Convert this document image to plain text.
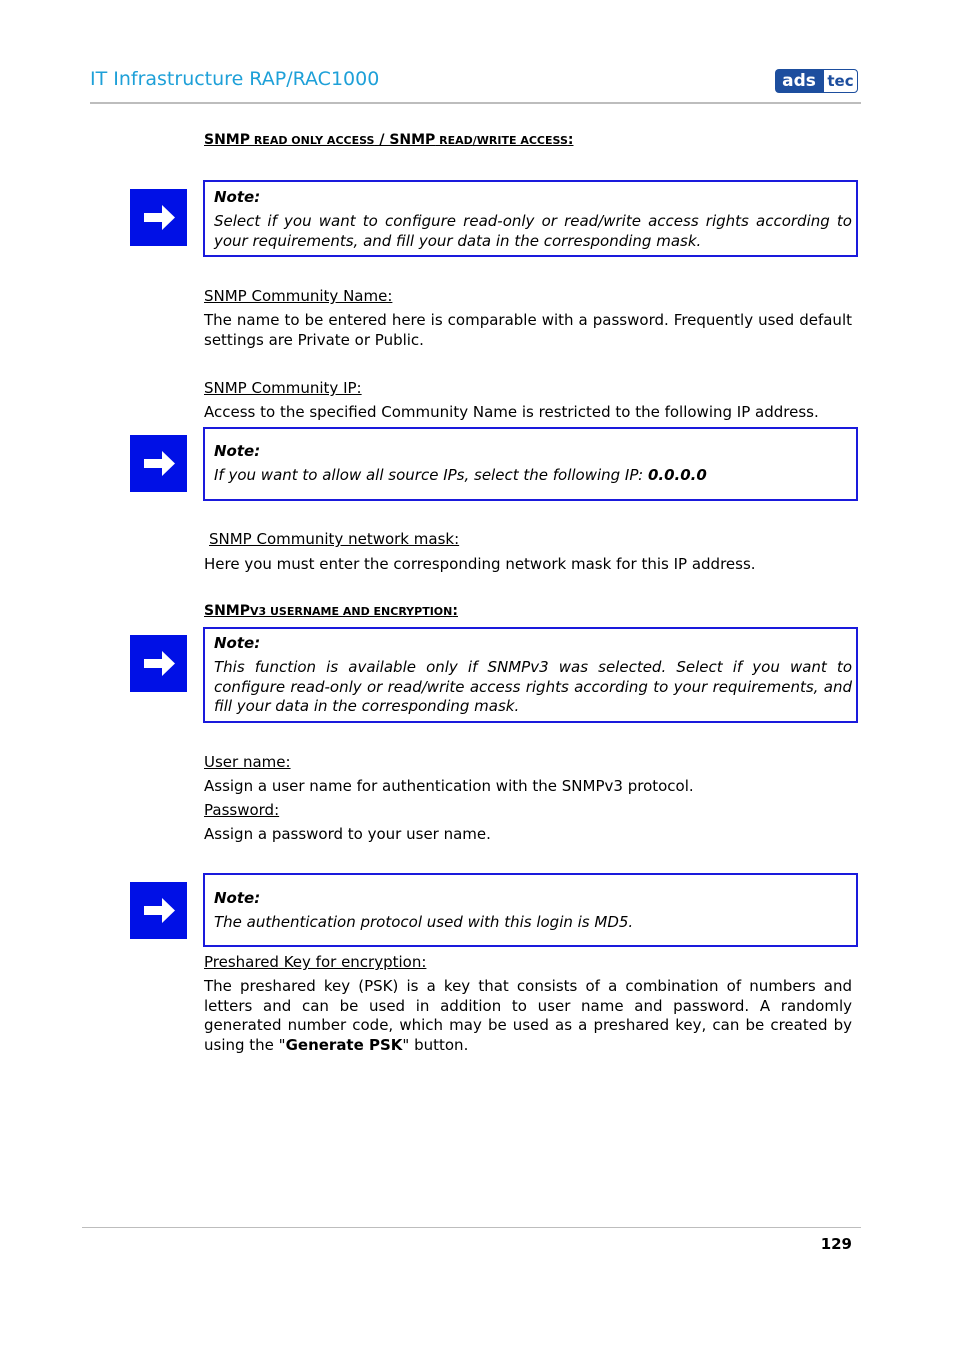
IT Infrastructure RAP/RAC1000	ads tec
SNMP READ ONLY ACCESS / SNMP READ/WRITE ACCESS:
Note:
Select if you want to configure read-only or read/write access rights according to your requirements, and fill your data in the corresponding mask.
SNMP Community Name:
The name to be entered here is comparable with a password. Frequently used default settings are Private or Public.
SNMP Community IP:
Access to the specified Community Name is restricted to the following IP address.
Note:
If you want to allow all source IPs, select the following IP: 0.0.0.0
SNMP Community network mask:
Here you must enter the corresponding network mask for this IP address.
SNMPV3 USERNAME AND ENCRYPTION:
Note:
This function is available only if SNMPv3 was selected. Select if you want to configure read-only or read/write access rights according to your requirements, and fill your data in the corresponding mask.
User name:
Assign a user name for authentication with the SNMPv3 protocol.
Password:
Assign a password to your user name.
Note:
The authentication protocol used with this login is MD5.
Preshared Key for encryption:
The preshared key (PSK) is a key that consists of a combination of numbers and letters and can be used in addition to user name and password. A randomly generated number code, which may be used as a preshared key, can be created by using the "Generate PSK" button.
129
